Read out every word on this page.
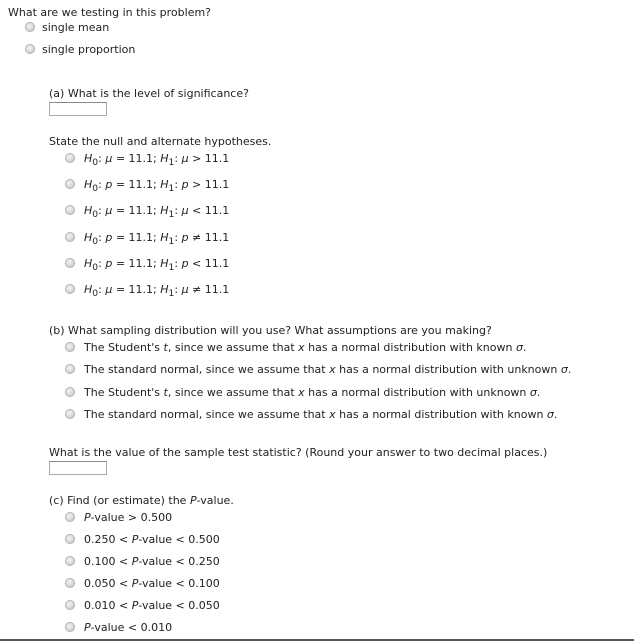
What are we testing in this problem?
single mean
single proportion
(a) What is the level of significance?
State the null and alternate hypotheses.
$H_0$: μ = 11.1; $H_1$: μ > 11.1
$H_0$: p = 11.1; $H_1$: p > 11.1
$H_0$: μ = 11.1; $H_1$: μ < 11.1
$H_0$: p = 11.1; $H_1$: p ≠ 11.1
$H_0$: p = 11.1; $H_1$: p < 11.1
$H_0$: μ = 11.1; $H_1$: μ ≠ 11.1
(b) What sampling distribution will you use? What assumptions are you making?
The Student's t, since we assume that x has a normal distribution with known σ.
The standard normal, since we assume that x has a normal distribution with unknown σ.
The Student's t, since we assume that x has a normal distribution with unknown σ.
The standard normal, since we assume that x has a normal distribution with known σ.
What is the value of the sample test statistic? (Round your answer to two decimal places.)
(c) Find (or estimate) the P-value.
P-value > 0.500
0.250 < P-value < 0.500
0.100 < P-value < 0.250
0.050 < P-value < 0.100
0.010 < P-value < 0.050
P-value < 0.010
